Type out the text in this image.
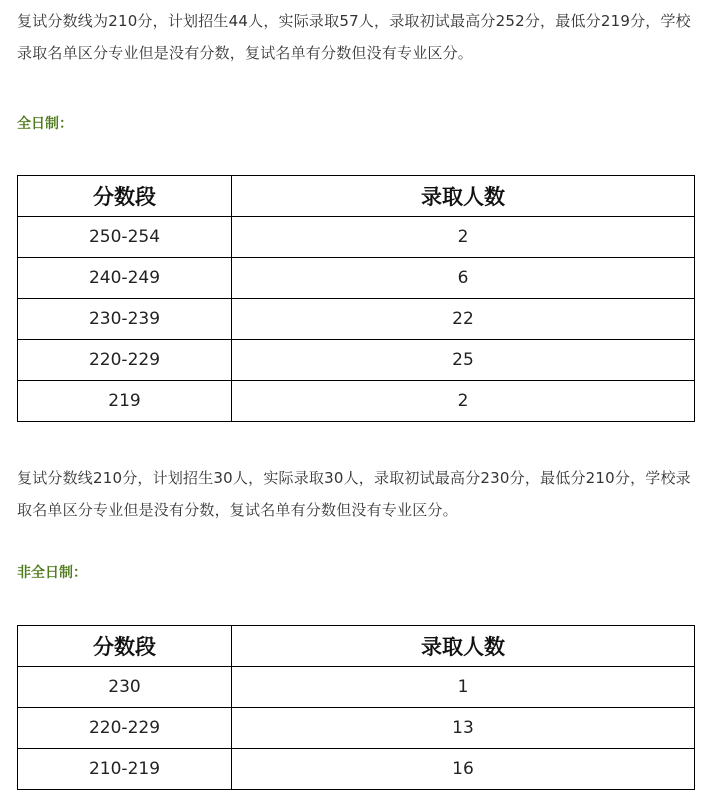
复试分数线为210分，计划招生44人，实际录取57人，录取初试最高分252分，最低分219分，学校录取名单区分专业但是没有分数，复试名单有分数但没有专业区分。

全日制：

分数段	录取人数
250-254	2
240-249	6
230-239	22
220-229	25
219	2

复试分数线210分，计划招生30人，实际录取30人，录取初试最高分230分，最低分210分，学校录取名单区分专业但是没有分数，复试名单有分数但没有专业区分。

非全日制：

分数段	录取人数
230	1
220-229	13
210-219	16
